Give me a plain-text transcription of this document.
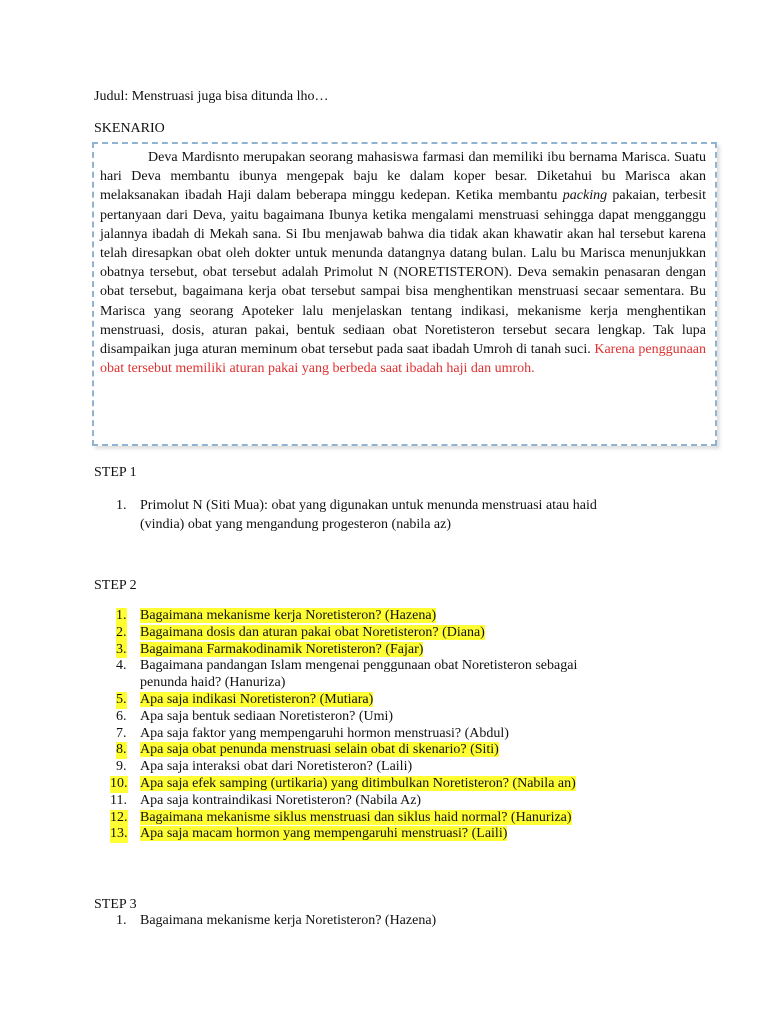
Judul: Menstruasi juga bisa ditunda lho…
SKENARIO
Deva Mardisnto merupakan seorang mahasiswa farmasi dan memiliki ibu bernama Marisca. Suatu hari Deva membantu ibunya mengepak baju ke dalam koper besar. Diketahui bu Marisca akan melaksanakan ibadah Haji dalam beberapa minggu kedepan. Ketika membantu packing pakaian, terbesit pertanyaan dari Deva, yaitu bagaimana Ibunya ketika mengalami menstruasi sehingga dapat mengganggu jalannya ibadah di Mekah sana. Si Ibu menjawab bahwa dia tidak akan khawatir akan hal tersebut karena telah diresapkan obat oleh dokter untuk menunda datangnya datang bulan. Lalu bu Marisca menunjukkan obatnya tersebut, obat tersebut adalah Primolut N (NORETISTERON). Deva semakin penasaran dengan obat tersebut, bagaimana kerja obat tersebut sampai bisa menghentikan menstruasi secaar sementara. Bu Marisca yang seorang Apoteker lalu menjelaskan tentang indikasi, mekanisme kerja menghentikan menstruasi, dosis, aturan pakai, bentuk sediaan obat Noretisteron tersebut secara lengkap. Tak lupa disampaikan juga aturan meminum obat tersebut pada saat ibadah Umroh di tanah suci. Karena penggunaan obat tersebut memiliki aturan pakai yang berbeda saat ibadah haji dan umroh.
STEP 1
1. Primolut N (Siti Mua): obat yang digunakan untuk menunda menstruasi atau haid
(vindia) obat yang mengandung progesteron (nabila az)
STEP 2
1. Bagaimana mekanisme kerja Noretisteron? (Hazena)
2. Bagaimana dosis dan aturan pakai obat Noretisteron? (Diana)
3. Bagaimana Farmakodinamik Noretisteron? (Fajar)
4. Bagaimana pandangan Islam mengenai penggunaan obat Noretisteron sebagai
penunda haid? (Hanuriza)
5. Apa saja indikasi Noretisteron? (Mutiara)
6. Apa saja bentuk sediaan Noretisteron? (Umi)
7. Apa saja faktor yang mempengaruhi hormon menstruasi? (Abdul)
8. Apa saja obat penunda menstruasi selain obat di skenario? (Siti)
9. Apa saja interaksi obat dari Noretisteron? (Laili)
10. Apa saja efek samping (urtikaria) yang ditimbulkan Noretisteron? (Nabila an)
11. Apa saja kontraindikasi Noretisteron? (Nabila Az)
12. Bagaimana mekanisme siklus menstruasi dan siklus haid normal? (Hanuriza)
13. Apa saja macam hormon yang mempengaruhi menstruasi? (Laili)
STEP 3
1. Bagaimana mekanisme kerja Noretisteron? (Hazena)
